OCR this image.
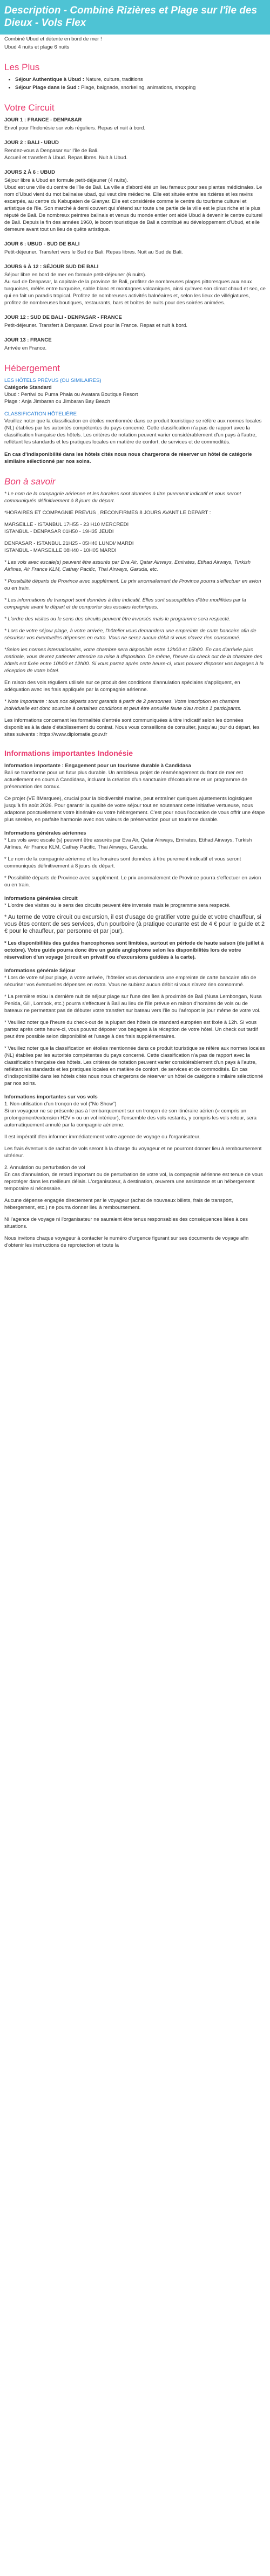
Description - Combiné Rizières et Plage sur l'île des Dieux - Vols Flex

Combiné Ubud et détente en bord de mer !

Ubud 4 nuits et plage 6 nuits

Les Plus
• Séjour Authentique à Ubud : Nature, culture, traditions
• Séjour Plage dans le Sud : Plage, baignade, snorkeling, animations, shopping
Votre Circuit
JOUR 1 : FRANCE - DENPASAR

Envol pour l'Indonésie sur vols réguliers. Repas et nuit à bord.

JOUR 2 : BALI - UBUD

Rendez-vous à Denpasar sur l'île de Bali.

Accueil et transfert à Ubud. Repas libres. Nuit à Ubud.

JOURS 2 À 6 : UBUD

Séjour libre à Ubud en formule petit-déjeuner (4 nuits).

Ubud est une ville du centre de l'île de Bali. La ville a d'abord été un lieu fameux pour ses plantes médicinales. Le nom d'Ubud vient du mot balinaise ubad, qui veut dire médecine. Elle est située entre les rizières et les ravins escarpés, au centre du Kabupaten de Gianyar. Elle est considérée comme le centre du tourisme culturel et artistique de l'île. Son marché à demi couvert qui s'étend sur toute une partie de la ville est le plus riche et le plus réputé de Bali. De nombreux peintres balinais et venus du monde entier ont aidé Ubud à devenir le centre culturel de Bali. Depuis la fin des années 1960, le boom touristique de Bali a contribué au développement d'Ubud, et elle demeure avant tout un lieu de quête artistique.

JOUR 6 : UBUD - SUD DE BALI

Petit-déjeuner. Transfert vers le Sud de Bali. Repas libres. Nuit au Sud de Bali.

JOURS 6 À 12 : SÉJOUR SUD DE BALI

Séjour libre en bord de mer en formule petit-déjeuner (6 nuits).

Au sud de Denpasar, la capitale de la province de Bali, profitez de nombreuses plages pittoresques aux eaux turquoises, mêlés entre turquoise, sable blanc et montagnes volcaniques, ainsi qu'avec son climat chaud et sec, ce qui en fait un paradis tropical. Profitez de nombreuses activités balnéaires et, selon les lieux de villégiatures, profitez de nombreuses boutiques, restaurants, bars et boîtes de nuits pour des soirées animées.

JOUR 12 : SUD DE BALI - DENPASAR - FRANCE

Petit-déjeuner. Transfert à Denpasar. Envol pour la France. Repas et nuit à bord.

JOUR 13 : FRANCE

Arrivée en France.

Hébergement

LES HÔTELS PRÉVUS (OU SIMILAIRES)

Catégorie Standard

Ubud : Pertiwi ou Puma Phala ou Awatara Boutique Resort

Plage : Anja Jimbaran ou Jimbaran Bay Beach

CLASSIFICATION HÔTELIÈRE

Veuillez noter que la classification en étoiles mentionnée dans ce produit touristique se réfère aux normes locales (NL) établies par les autorités compétentes du pays concerné. Cette classification n'a pas de rapport avec la classification française des hôtels. Les critères de notation peuvent varier considérablement d'un pays à l'autre, reflétant les standards et les pratiques locales en matière de confort, de services et de commodités.

En cas d'indisponibilité dans les hôtels cités nous nous chargerons de réserver un hôtel de catégorie similaire sélectionné par nos soins.

Bon à savoir

* Le nom de la compagnie aérienne et les horaires sont données à titre purement indicatif et vous seront communiqués définitivement à 8 jours du départ.

*HORAIRES ET COMPAGNIE PRÉVUS , RECONFIRMÉS 8 JOURS AVANT LE DÉPART :

MARSEILLE - ISTANBUL 17H55 - 23 H10 MERCREDI

ISTANBUL - DENPASAR 01H50 - 19H35 JEUDI

DENPASAR - ISTANBUL 21H25 - 05H40 LUNDI/ MARDI

ISTANBUL - MARSEILLE 08H40 - 10H05 MARDI

* Les vols avec escale(s) peuvent être assurés par Eva Air, Qatar Airways, Emirates, Etihad Airways, Turkish Airlines, Air France KLM, Cathay Pacific, Thai Airways, Garuda, etc.

* Possibilité départs de Province avec supplément. Le prix anormalement de Province pourra s'effectuer en avion ou en train.

* Les informations de transport sont données à titre indicatif. Elles sont susceptibles d'être modifiées par la compagnie avant le départ et de comporter des escales techniques.

* L'ordre des visites ou le sens des circuits peuvent être inversés mais le programme sera respecté.

* Lors de votre séjour plage, à votre arrivée, l'hôtelier vous demandera une empreinte de carte bancaire afin de sécuriser vos éventuelles dépenses en extra. Vous ne serez aucun débit si vous n'avez rien consommé.

*Selon les normes internationales, votre chambre sera disponible entre 12h00 et 15h00. En cas d'arrivée plus matinale, vous devrez patienter attendre sa mise à disposition. De même, l'heure du check out de la chambre des hôtels est fixée entre 10h00 et 12h00. Si vous partez après cette heure-ci, vous pouvez disposer vos bagages à la réception de votre hôtel.

En raison des vols réguliers utilisés sur ce produit des conditions d'annulation spéciales s'appliquent, en adéquation avec les frais appliqués par la compagnie aérienne.

* Note importante : tous nos départs sont garantis à partir de 2 personnes. Votre inscription en chambre individuelle est donc soumise à certaines conditions et peut être annulée faute d'au moins 1 participants.

Les informations concernant les formalités d'entrée sont communiquées à titre indicatif selon les données disponibles à la date d'établissement du contrat. Nous vous conseillons de consulter, jusqu'au jour du départ, les sites suivants : https://www.diplomatie.gouv.fr

Informations importantes Indonésie

Information importante : Engagement pour un tourisme durable à Candidasa

Bali se transforme pour un futur plus durable. Un ambitieux projet de réaménagement du front de mer est actuellement en cours à Candidasa, incluant la création d'un sanctuaire d'écotourisme et un programme de préservation des coraux.

Ce projet (VE 8Marquee), crucial pour la biodiversité marine, peut entraîner quelques ajustements logistiques jusqu'à fin août 2026. Pour garantir la qualité de votre séjour tout en soutenant cette initiative vertueuse, nous adaptons ponctuellement votre itinéraire ou votre hébergement. C'est pour nous l'occasion de vous offrir une étape plus sereine, en parfaite harmonie avec nos valeurs de préservation pour un tourisme durable.

Informations générales aériennes

* Les vols avec escale (s) peuvent être assurés par Eva Air, Qatar Airways, Emirates, Etihad Airways, Turkish Airlines, Air France KLM, Cathay Pacific, Thai Airways, Garuda.

* Le nom de la compagnie aérienne et les horaires sont données à titre purement indicatif et vous seront communiqués définitivement à 8 jours du départ.

* Possibilité départs de Province avec supplément. Le prix anormalement de Province pourra s'effectuer en avion ou en train.

Informations générales circuit

* L'ordre des visites ou le sens des circuits peuvent être inversés mais le programme sera respecté.

* Au terme de votre circuit ou excursion, il est d'usage de gratifier votre guide et votre chauffeur, si vous êtes content de ses services, d'un pourboire (à pratique courante est de 4 € pour le guide et 2 € pour le chauffeur, par personne et par jour).

* Les disponibilités des guides francophones sont limitées, surtout en période de haute saison (de juillet à octobre). Votre guide pourra donc être un guide anglophone selon les disponibilités lors de votre réservation d'un voyage (circuit en privatif ou d'excursions guidées à la carte).

Informations générale Séjour

* Lors de votre séjour plage, à votre arrivée, l'hôtelier vous demandera une empreinte de carte bancaire afin de sécuriser vos éventuelles dépenses en extra. Vous ne subirez aucun débit si vous n'avez rien consommé.

* La première et/ou la dernière nuit de séjour plage sur l'une des îles à proximité de Bali (Nusa Lembongan, Nusa Penida, Gili, Lombok, etc.) pourra s'effectuer à Bali au lieu de l'île prévue en raison d'horaires de vols ou de bateaux ne permettant pas de débuter votre transfert sur bateau vers l'île ou l'aéroport le jour même de votre vol.

* Veuillez noter que l'heure du check-out de la plupart des hôtels de standard européen est fixée à 12h. Si vous partez après cette heure-ci, vous pouvez déposer vos bagages à la réception de votre hôtel. Un check out tardif peut être possible selon disponibilité et l'usage à des frais supplémentaires.

* Veuillez noter que la classification en étoiles mentionnée dans ce produit touristique se réfère aux normes locales (NL) établies par les autorités compétentes du pays concerné. Cette classification n'a pas de rapport avec la classification française des hôtels. Les critères de notation peuvent varier considérablement d'un pays à l'autre, reflétant les standards et les pratiques locales en matière de confort, de services et de commodités. En cas d'indisponibilité dans les hôtels cités nous nous chargerons de réserver un hôtel de catégorie similaire sélectionné par nos soins.

Informations importantes sur vos vols

1. Non-utilisation d'un tronçon de vol ("No Show")

Si un voyageur ne se présente pas à l'embarquement sur un tronçon de son itinéraire aérien (« compris un prolongement/extension H2V » ou un vol intérieur), l'ensemble des vols restants, y compris les vols retour, sera automatiquement annulé par la compagnie aérienne.

Il est impératif d'en informer immédiatement votre agence de voyage ou l'organisateur.

Les frais éventuels de rachat de vols seront à la charge du voyageur et ne pourront donner lieu à remboursement ultérieur.

2. Annulation ou perturbation de vol

En cas d'annulation, de retard important ou de perturbation de votre vol, la compagnie aérienne est tenue de vous reprotéger dans les meilleurs délais. L'organisateur, à destination, œuvrera une assistance et un hébergement temporaire si nécessaire.

Aucune dépense engagée directement par le voyageur (achat de nouveaux billets, frais de transport, hébergement, etc.) ne pourra donner lieu à remboursement.

Ni l'agence de voyage ni l'organisateur ne sauraient être tenus responsables des conséquences liées à ces situations.

Nous invitons chaque voyageur à contacter le numéro d'urgence figurant sur ses documents de voyage afin d'obtenir les instructions de reprotection et toute la
